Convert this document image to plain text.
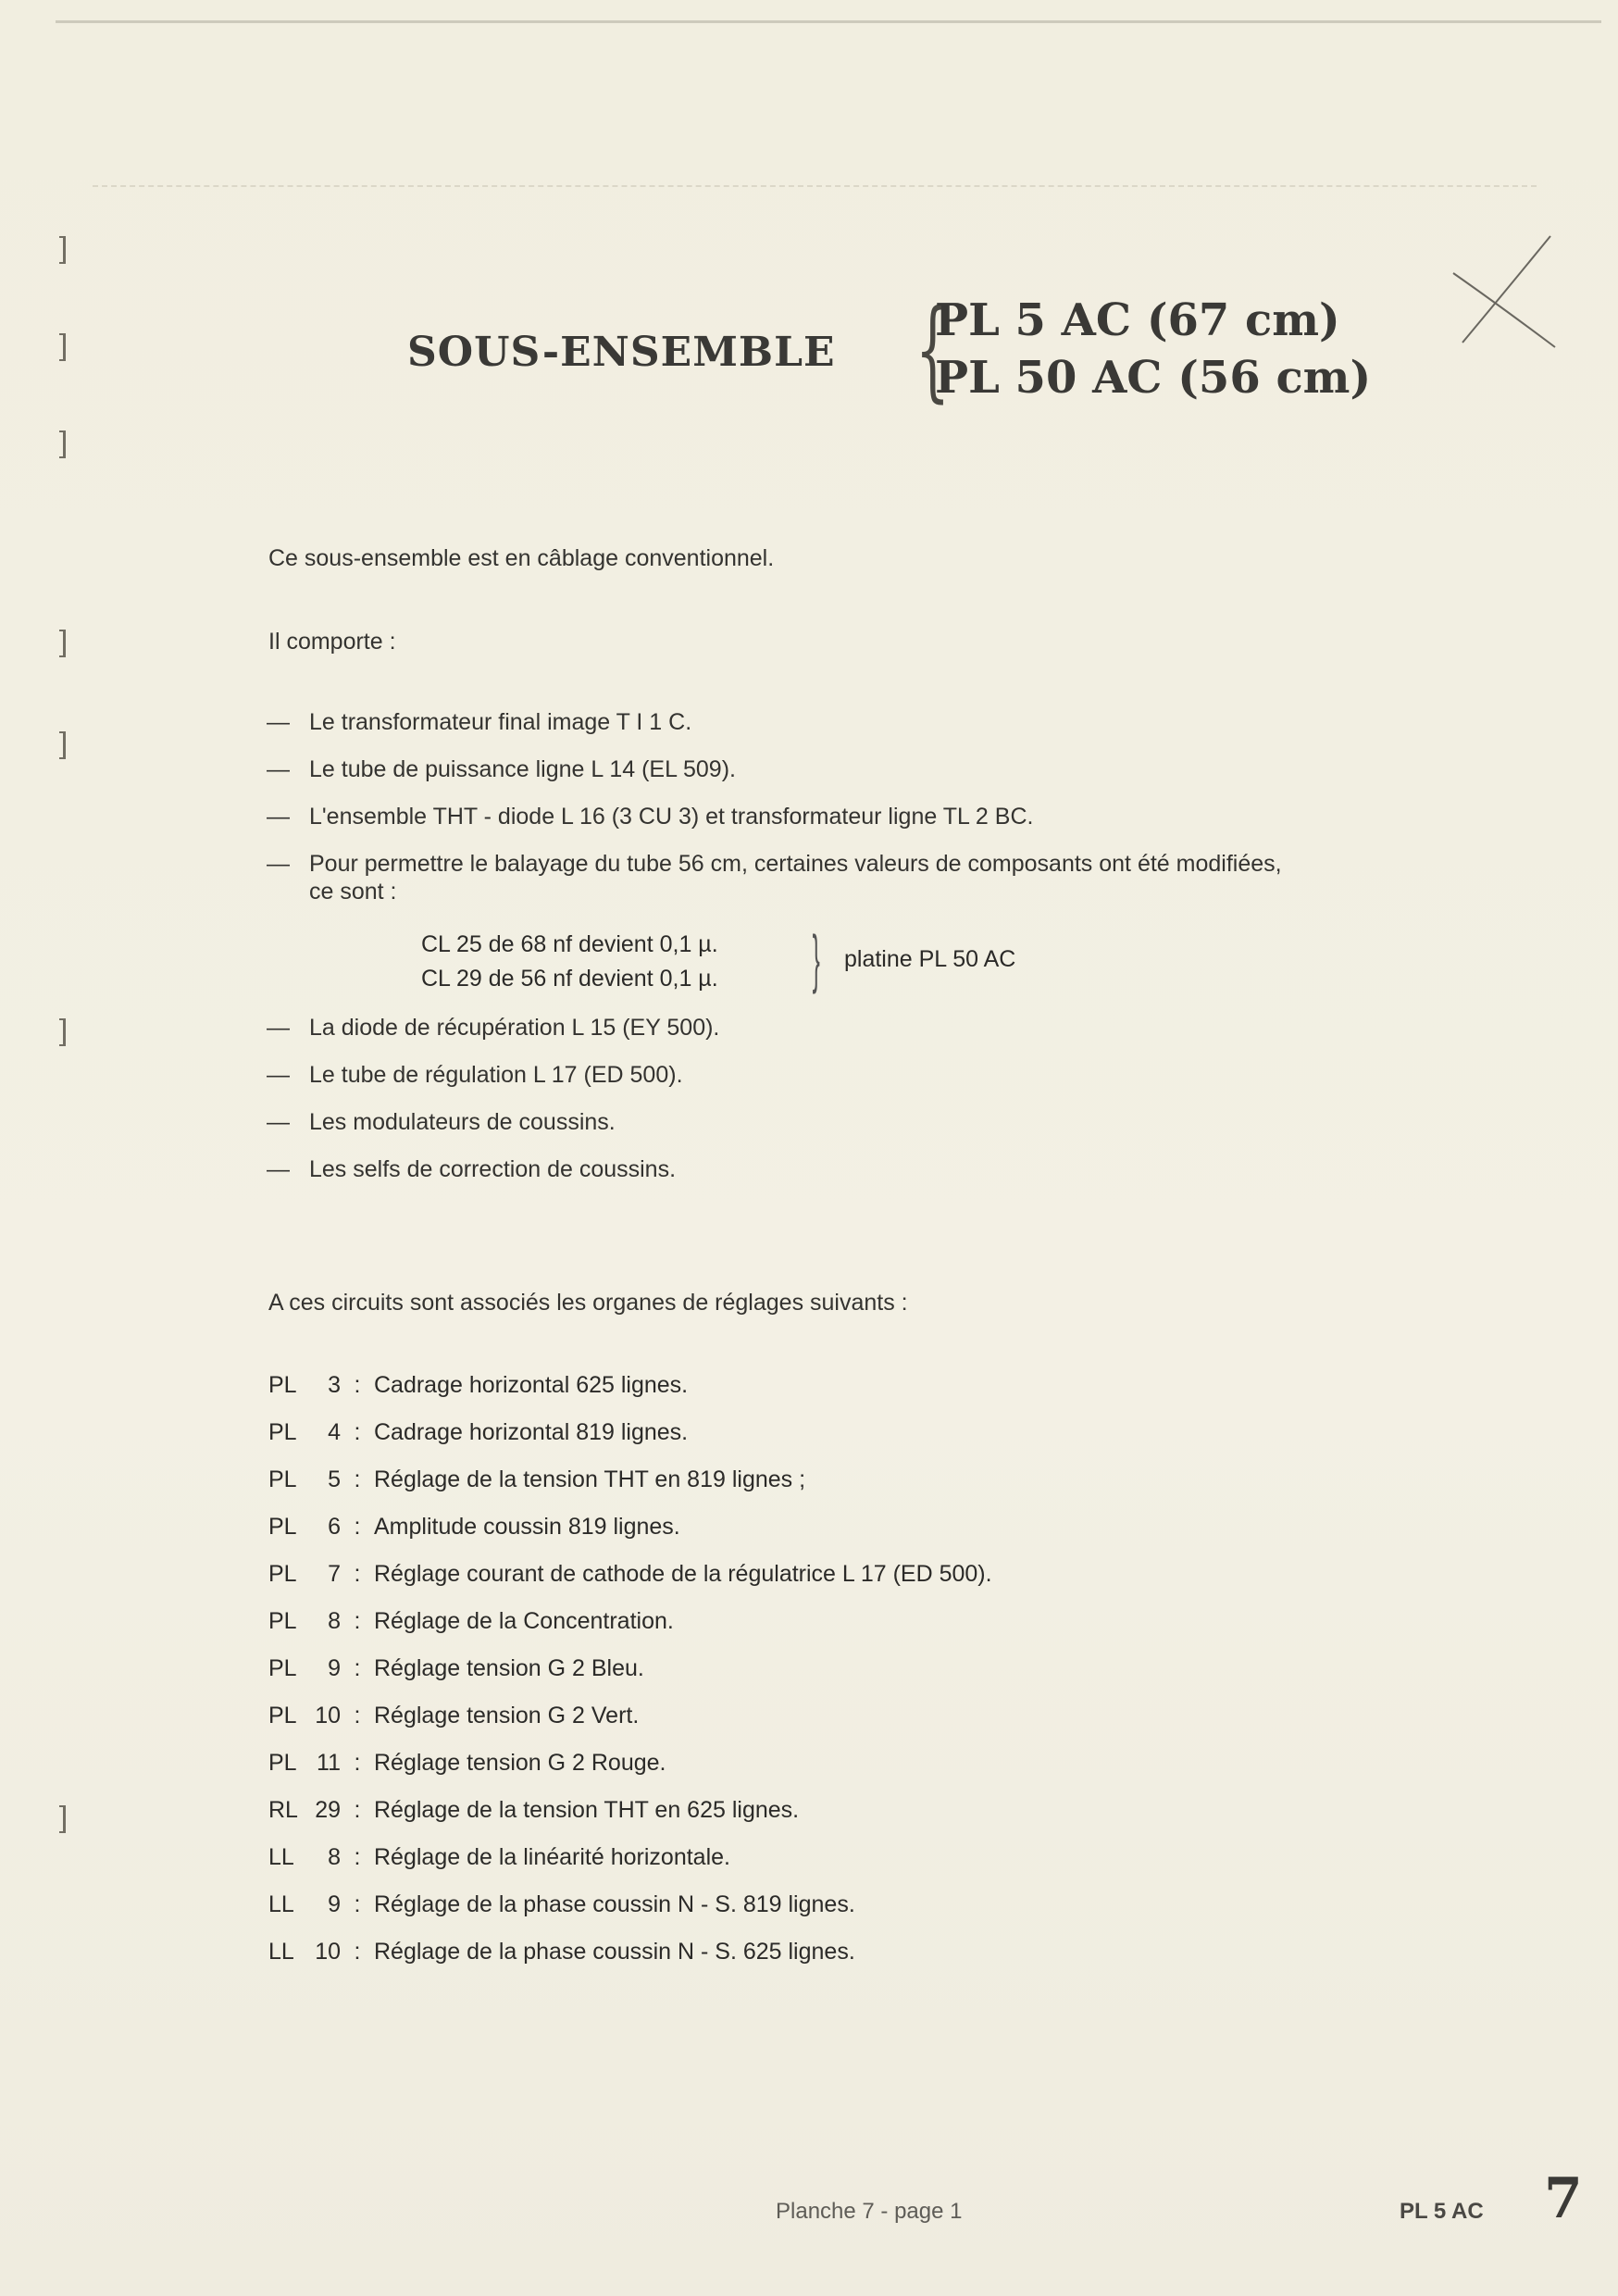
SOUS-ENSEMBLE {
PL 5 AC (67 cm)
PL 50 AC (56 cm)
Ce sous-ensemble est en câblage conventionnel.
Il comporte :
— Le transformateur final image T I 1 C.
— Le tube de puissance ligne L 14 (EL 509).
— L'ensemble THT - diode L 16 (3 CU 3) et transformateur ligne TL 2 BC.
— Pour permettre le balayage du tube 56 cm, certaines valeurs de composants ont été modifiées,
ce sont :
CL 25 de 68 nf devient 0,1 µ.
CL 29 de 56 nf devient 0,1 µ. } platine PL 50 AC
— La diode de récupération L 15 (EY 500).
— Le tube de régulation L 17 (ED 500).
— Les modulateurs de coussins.
— Les selfs de correction de coussins.
A ces circuits sont associés les organes de réglages suivants :
PL 3 : Cadrage horizontal 625 lignes.
PL 4 : Cadrage horizontal 819 lignes.
PL 5 : Réglage de la tension THT en 819 lignes ;
PL 6 : Amplitude coussin 819 lignes.
PL 7 : Réglage courant de cathode de la régulatrice L 17 (ED 500).
PL 8 : Réglage de la Concentration.
PL 9 : Réglage tension G 2 Bleu.
PL 10 : Réglage tension G 2 Vert.
PL 11 : Réglage tension G 2 Rouge.
RL 29 : Réglage de la tension THT en 625 lignes.
LL 8 : Réglage de la linéarité horizontale.
LL 9 : Réglage de la phase coussin N - S. 819 lignes.
LL 10 : Réglage de la phase coussin N - S. 625 lignes.
Planche 7 - page 1	PL 5 AC 7
